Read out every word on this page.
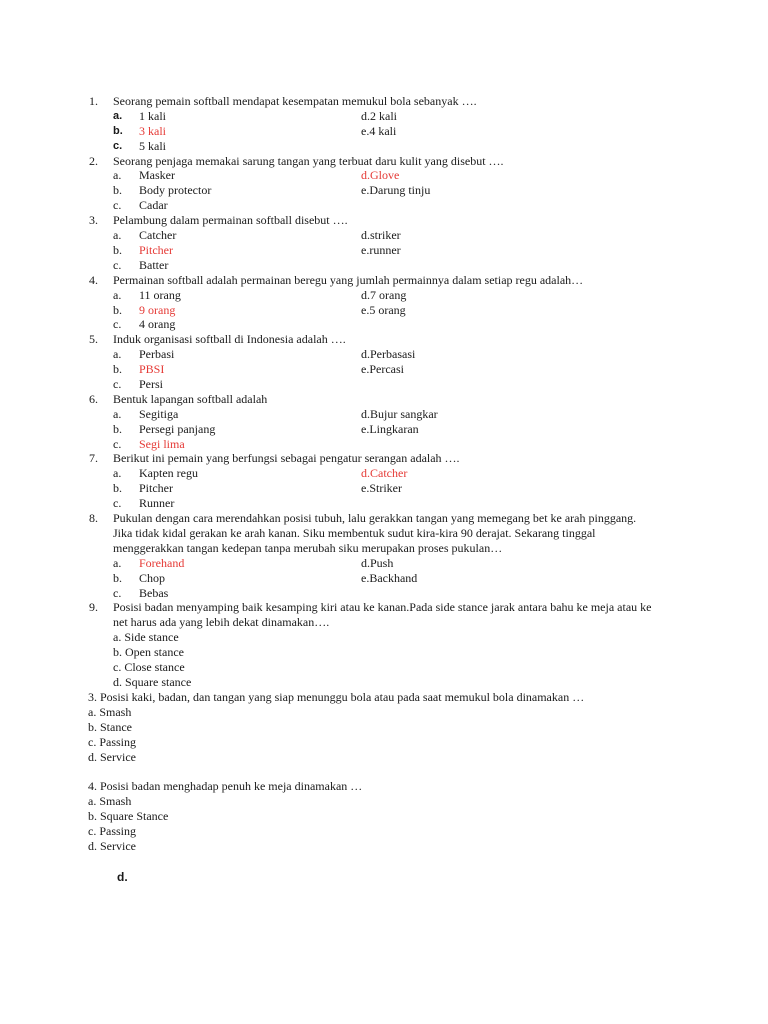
1.	Seorang pemain softball mendapat kesempatan memukul bola sebanyak ….
a.	1 kali	d. 2 kali
b.	3 kali	e. 4 kali
c.	5 kali
2.	Seorang penjaga memakai sarung tangan yang terbuat daru kulit yang disebut ….
a.	Masker	d. Glove
b.	Body protector	e. Darung tinju
c.	Cadar
3.	Pelambung dalam permainan softball disebut ….
a.	Catcher	d. striker
b.	Pitcher	e. runner
c.	Batter
4.	Permainan softball adalah permainan beregu yang jumlah permainnya dalam setiap regu adalah…
a.	11 orang	d. 7 orang
b.	9 orang	e. 5 orang
c.	4 orang
5.	Induk organisasi softball di Indonesia adalah ….
a.	Perbasi	d. Perbasasi
b.	PBSI	e. Percasi
c.	Persi
6.	Bentuk lapangan softball adalah
a.	Segitiga	d. Bujur sangkar
b.	Persegi panjang	e. Lingkaran
c.	Segi lima
7.	Berikut ini pemain yang berfungsi sebagai pengatur serangan adalah ….
a.	Kapten regu	d. Catcher
b.	Pitcher	e. Striker
c.	Runner
8.	Pukulan dengan cara merendahkan posisi tubuh, lalu gerakkan tangan yang memegang bet ke arah pinggang.
Jika tidak kidal gerakan ke arah kanan. Siku membentuk sudut kira-kira 90 derajat. Sekarang tinggal
menggerakkan tangan kedepan tanpa merubah siku merupakan proses pukulan…
a.	Forehand	d. Push
b.	Chop	e. Backhand
c.	Bebas
9.	Posisi badan menyamping baik kesamping kiri atau ke kanan.Pada side stance jarak antara bahu ke meja atau ke
net harus ada yang lebih dekat dinamakan….
a. Side stance
b. Open stance
c. Close stance
d. Square stance
3. Posisi kaki, badan, dan tangan yang siap menunggu bola atau pada saat memukul bola dinamakan …
a. Smash
b. Stance
c. Passing
d. Service
4. Posisi badan menghadap penuh ke meja dinamakan …
a. Smash
b. Square Stance
c. Passing
d. Service
d.
